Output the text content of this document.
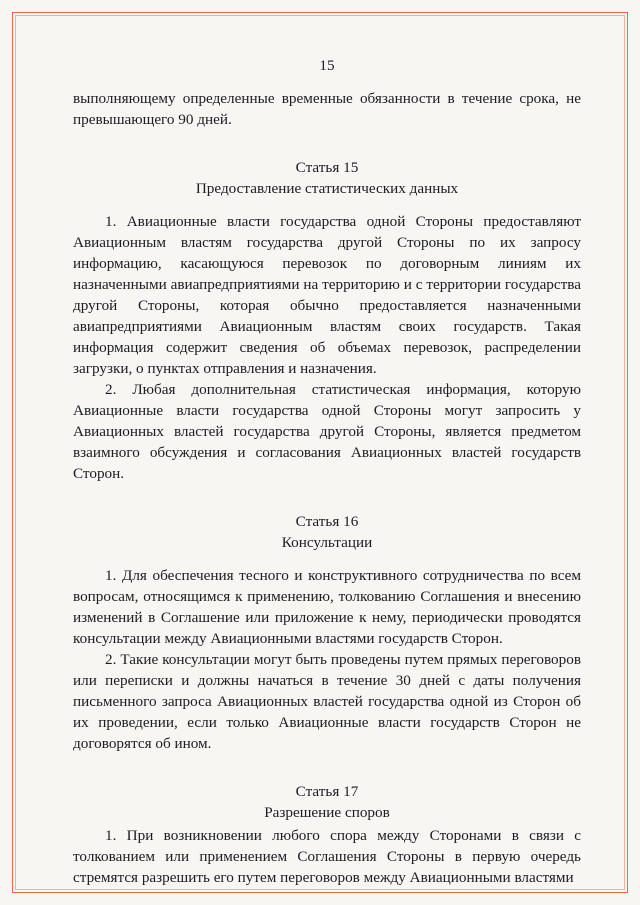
15

выполняющему определенные временные обязанности в течение срока, не превышающего 90 дней.

Статья 15
Предоставление статистических данных

1. Авиационные власти государства одной Стороны предоставляют Авиационным властям государства другой Стороны по их запросу информацию, касающуюся перевозок по договорным линиям их назначенными авиапредприятиями на территорию и с территории государства другой Стороны, которая обычно предоставляется назначенными авиапредприятиями Авиационным властям своих государств. Такая информация содержит сведения об объемах перевозок, распределении загрузки, о пунктах отправления и назначения.

2. Любая дополнительная статистическая информация, которую Авиационные власти государства одной Стороны могут запросить у Авиационных властей государства другой Стороны, является предметом взаимного обсуждения и согласования Авиационных властей государств Сторон.

Статья 16
Консультации

1. Для обеспечения тесного и конструктивного сотрудничества по всем вопросам, относящимся к применению, толкованию Соглашения и внесению изменений в Соглашение или приложение к нему, периодически проводятся консультации между Авиационными властями государств Сторон.

2. Такие консультации могут быть проведены путем прямых переговоров или переписки и должны начаться в течение 30 дней с даты получения письменного запроса Авиационных властей государства одной из Сторон об их проведении, если только Авиационные власти государств Сторон не договорятся об ином.

Статья 17
Разрешение споров

1. При возникновении любого спора между Сторонами в связи с толкованием или применением Соглашения Стороны в первую очередь стремятся разрешить его путем переговоров между Авиационными властями
